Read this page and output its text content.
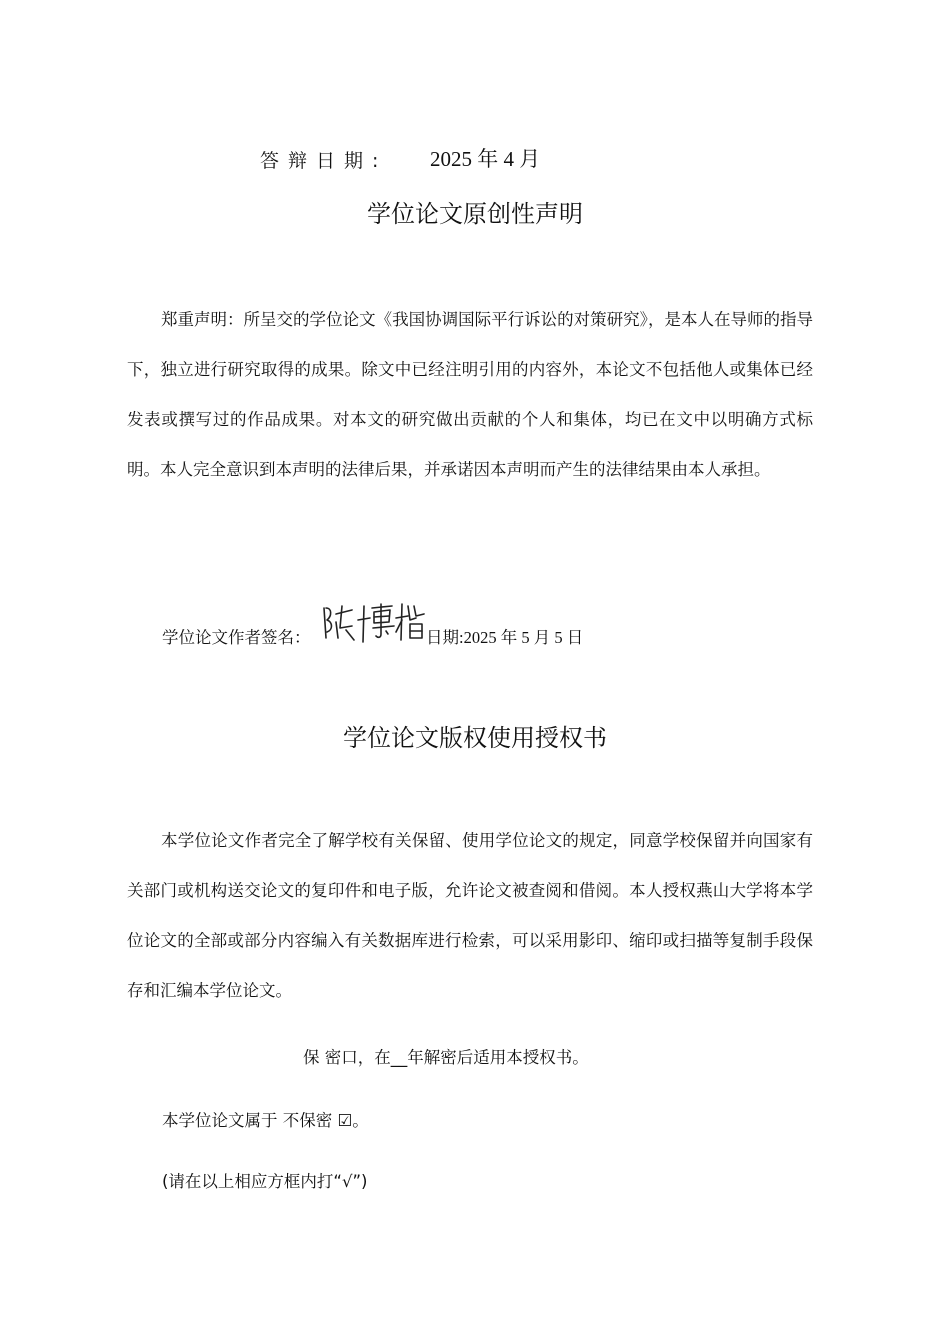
答辩日期: 2025 年 4 月
学位论文原创性声明
郑重声明：所呈交的学位论文《我国协调国际平行诉讼的对策研究》，是本人在导师的指导下，独立进行研究取得的成果。除文中已经注明引用的内容外，本论文不包括他人或集体已经发表或撰写过的作品成果。对本文的研究做出贡献的个人和集体，均已在文中以明确方式标明。本人完全意识到本声明的法律后果，并承诺因本声明而产生的法律结果由本人承担。
学位论文作者签名：	日期:2025 年 5 月 5 日
学位论文版权使用授权书
本学位论文作者完全了解学校有关保留、使用学位论文的规定，同意学校保留并向国家有关部门或机构送交论文的复印件和电子版，允许论文被查阅和借阅。本人授权燕山大学将本学位论文的全部或部分内容编入有关数据库进行检索，可以采用影印、缩印或扫描等复制手段保存和汇编本学位论文。
保 密口，在__年解密后适用本授权书。
本学位论文属于 不保密 ☑。
(请在以上相应方框内打“√”)
